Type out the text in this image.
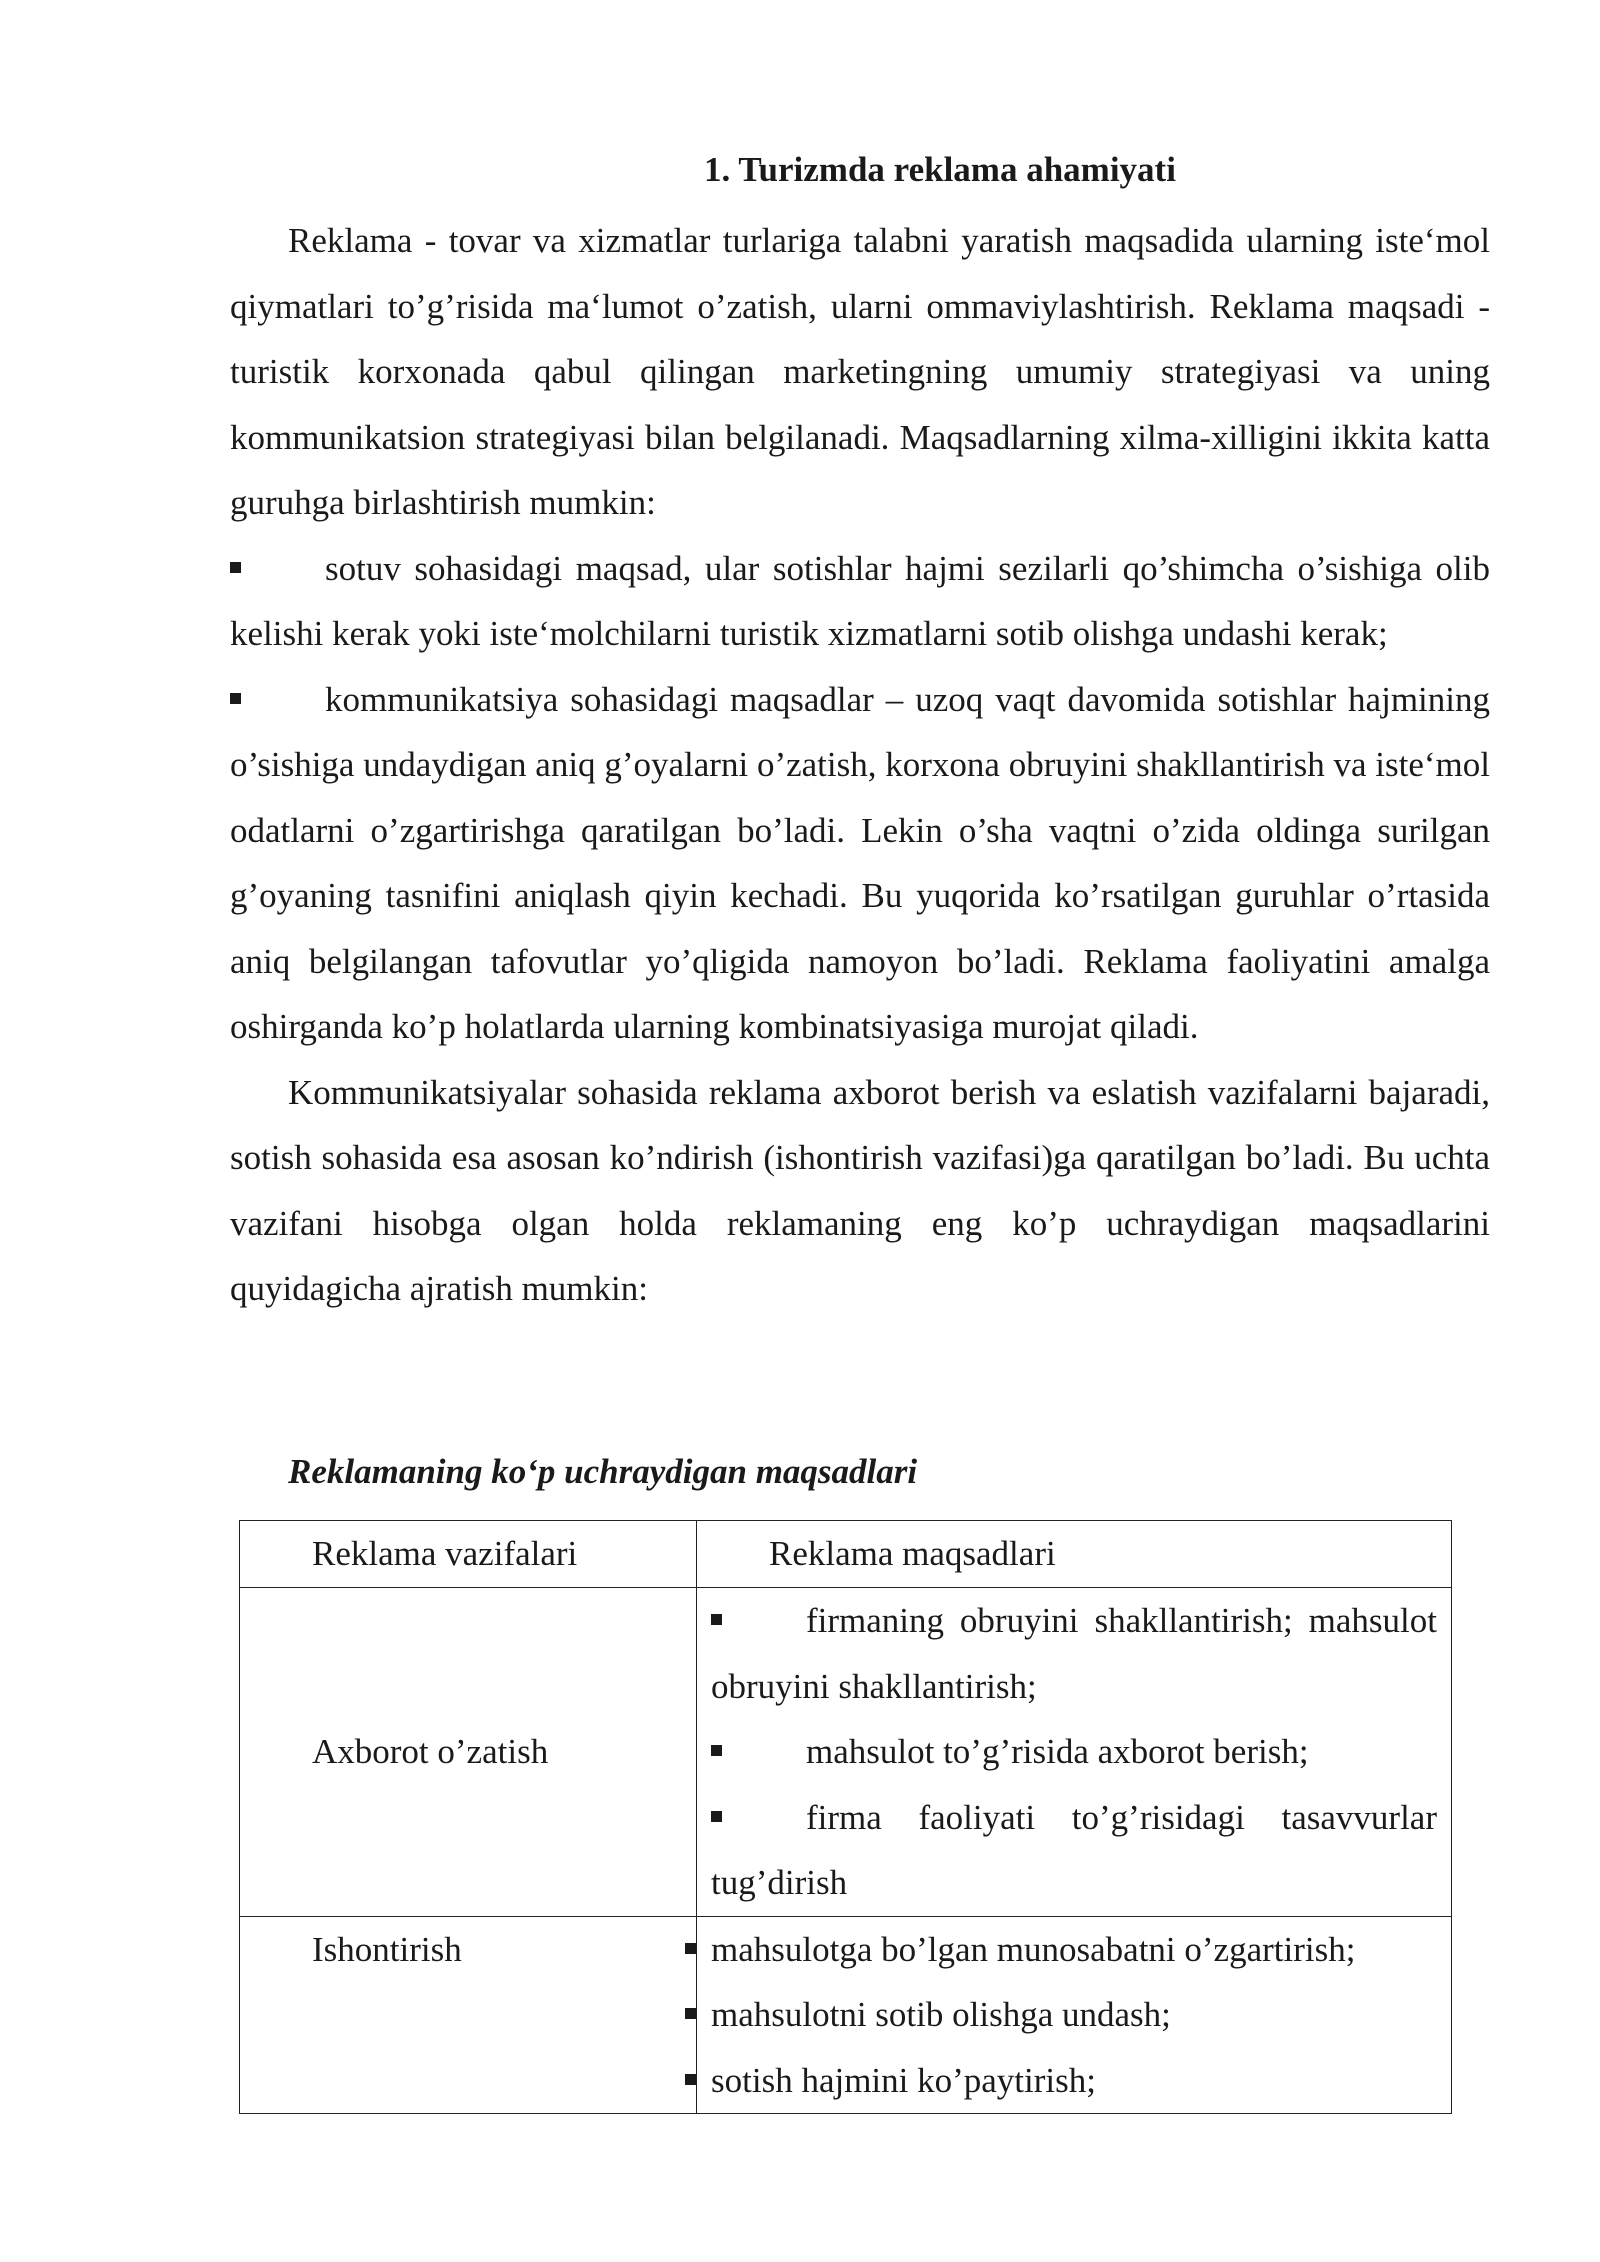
1. Turizmda reklama ahamiyati

Reklama - tovar va xizmatlar turlariga talabni yaratish maqsadida ularning iste‘mol qiymatlari to’g’risida ma‘lumot o’zatish, ularni ommaviylashtirish. Reklama maqsadi - turistik korxonada qabul qilingan marketingning umumiy strategiyasi va uning kommunikatsion strategiyasi bilan belgilanadi. Maqsadlarning xilma-xilligini ikkita katta guruhga birlashtirish mumkin:

sotuv sohasidagi maqsad, ular sotishlar hajmi sezilarli qo’shimcha o’sishiga olib kelishi kerak yoki iste‘molchilarni turistik xizmatlarni sotib olishga undashi kerak;

kommunikatsiya sohasidagi maqsadlar – uzoq vaqt davomida sotishlar hajmining o’sishiga undaydigan aniq g’oyalarni o’zatish, korxona obruyini shakllantirish va iste‘mol odatlarni o’zgartirishga qaratilgan bo’ladi. Lekin o’sha vaqtni o’zida oldinga surilgan g’oyaning tasnifini aniqlash qiyin kechadi. Bu yuqorida ko’rsatilgan guruhlar o’rtasida aniq belgilangan tafovutlar yo’qligida namoyon bo’ladi. Reklama faoliyatini amalga oshirganda ko’p holatlarda ularning kombinatsiyasiga murojat qiladi.

Kommunikatsiyalar sohasida reklama axborot berish va eslatish vazifalarni bajaradi, sotish sohasida esa asosan ko’ndirish (ishontirish vazifasi)ga qaratilgan bo’ladi. Bu uchta vazifani hisobga olgan holda reklamaning eng ko’p uchraydigan maqsadlarini quyidagicha ajratish mumkin:

Reklamaning ko‘p uchraydigan maqsadlari
Reklama vazifalari	Reklama maqsadlari
Axborot o’zatish	firmaning obruyini shakllantirish; mahsulot obruyini shakllantirish;
mahsulot to’g’risida axborot berish;
firma faoliyati to’g’risidagi tasavvurlar tug’dirish

Ishontirish	mahsulotga bo’lgan munosabatni o’zgartirish;
mahsulotni sotib olishga undash;
sotish hajmini ko’paytirish;
